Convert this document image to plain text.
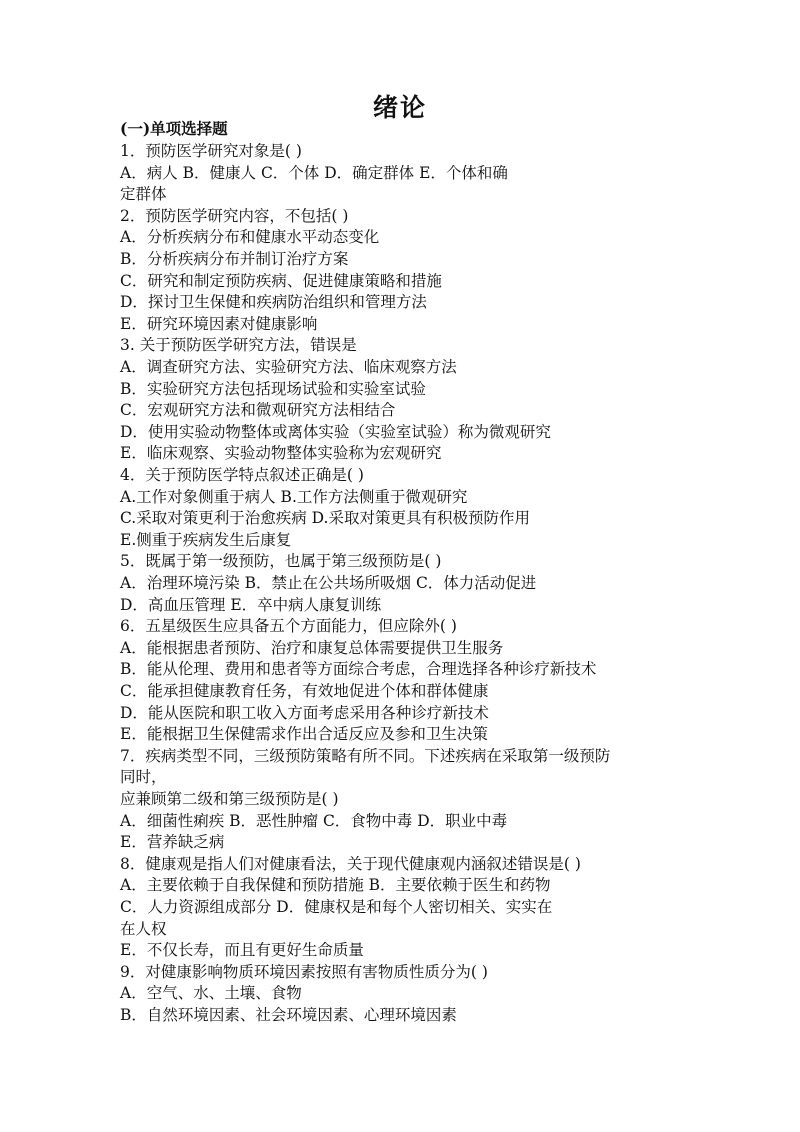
绪论
1．预防医学研究对象是( )
A．病人 B．健康人 C．个体 D．确定群体 E．个体和确
定群体
2．预防医学研究内容，不包括( )
A．分析疾病分布和健康水平动态变化
B．分析疾病分布并制订治疗方案
C．研究和制定预防疾病、促进健康策略和措施
D．探讨卫生保健和疾病防治组织和管理方法
E．研究环境因素对健康影响
3. 关于预防医学研究方法，错误是
A．调查研究方法、实验研究方法、临床观察方法
B．实验研究方法包括现场试验和实验室试验
C．宏观研究方法和微观研究方法相结合
D．使用实验动物整体或离体实验（实验室试验）称为微观研究
E．临床观察、实验动物整体实验称为宏观研究
4．关于预防医学特点叙述正确是( )
A.工作对象侧重于病人 B.工作方法侧重于微观研究
C.采取对策更利于治愈疾病 D.采取对策更具有积极预防作用
E.侧重于疾病发生后康复
5．既属于第一级预防，也属于第三级预防是( )
A．治理环境污染 B．禁止在公共场所吸烟 C．体力活动促进
D．高血压管理 E．卒中病人康复训练
6．五星级医生应具备五个方面能力，但应除外( )
A．能根据患者预防、治疗和康复总体需要提供卫生服务
B．能从伦理、费用和患者等方面综合考虑，合理选择各种诊疗新技术
C．能承担健康教育任务，有效地促进个体和群体健康
D．能从医院和职工收入方面考虑采用各种诊疗新技术
E．能根据卫生保健需求作出合适反应及参和卫生决策
7．疾病类型不同，三级预防策略有所不同。下述疾病在采取第一级预防
同时，
应兼顾第二级和第三级预防是( )
A．细菌性痢疾 B．恶性肿瘤 C．食物中毒 D．职业中毒
E．营养缺乏病
8．健康观是指人们对健康看法，关于现代健康观内涵叙述错误是( )
A．主要依赖于自我保健和预防措施 B．主要依赖于医生和药物
C．人力资源组成部分 D．健康权是和每个人密切相关、实实在
在人权
E．不仅长寿，而且有更好生命质量
9．对健康影响物质环境因素按照有害物质性质分为( )
A．空气、水、土壤、食物
B．自然环境因素、社会环境因素、心理环境因素
(一)单项选择题
